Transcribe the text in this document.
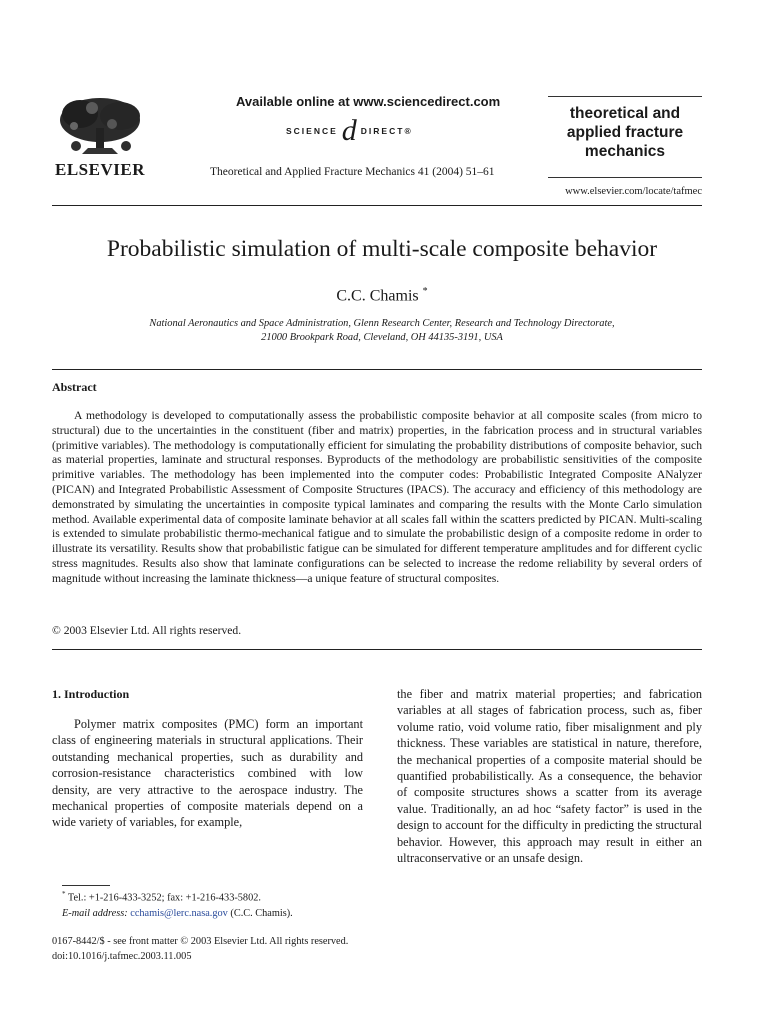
ELSEVIER
Available online at www.sciencedirect.com
SCIENCE d DIRECT ®
Theoretical and Applied Fracture Mechanics 41 (2004) 51–61
theoretical and
applied fracture
mechanics
www.elsevier.com/locate/tafmec
Probabilistic simulation of multi-scale composite behavior
C.C. Chamis *
National Aeronautics and Space Administration, Glenn Research Center, Research and Technology Directorate,
21000 Brookpark Road, Cleveland, OH 44135-3191, USA
Abstract

A methodology is developed to computationally assess the probabilistic composite behavior at all composite scales (from micro to structural) due to the uncertainties in the constituent (fiber and matrix) properties, in the fabrication process and in structural variables (primitive variables). The methodology is computationally efficient for simulating the probability distributions of composite behavior, such as material properties, laminate and structural responses. Byproducts of the methodology are probabilistic sensitivities of the composite primitive variables. The methodology has been implemented into the computer codes: Probabilistic Integrated Composite ANalyzer (PICAN) and Integrated Probabilistic Assessment of Composite Structures (IPACS). The accuracy and efficiency of this methodology are demonstrated by simulating the uncertainties in composite typical laminates and comparing the results with the Monte Carlo simulation method. Available experimental data of composite laminate behavior at all scales fall within the scatters predicted by PICAN. Multi-scaling is extended to simulate probabilistic thermo-mechanical fatigue and to simulate the probabilistic design of a composite redome in order to illustrate its versatility. Results show that probabilistic fatigue can be simulated for different temperature amplitudes and for different cyclic stress magnitudes. Results also show that laminate configurations can be selected to increase the redome reliability by several orders of magnitude without increasing the laminate thickness—a unique feature of structural composites.

© 2003 Elsevier Ltd. All rights reserved.
1. Introduction

Polymer matrix composites (PMC) form an important class of engineering materials in structural applications. Their outstanding mechanical properties, such as durability and corrosion-resistance characteristics combined with low density, are very attractive to the aerospace industry. The mechanical properties of composite materials depend on a wide variety of variables, for example,

the fiber and matrix material properties; and fabrication variables at all stages of fabrication process, such as, fiber volume ratio, void volume ratio, fiber misalignment and ply thickness. These variables are statistical in nature, therefore, the mechanical properties of a composite material should be quantified probabilistically. As a consequence, the behavior of composite structures shows a scatter from its average value. Traditionally, an ad hoc “safety factor” is used in the design to account for the difficulty in predicting the structural behavior. However, this approach may result in either an ultraconservative or an unsafe design.

* Tel.: +1-216-433-3252; fax: +1-216-433-5802.
E-mail address: cchamis@lerc.nasa.gov (C.C. Chamis).
0167-8442/$ - see front matter © 2003 Elsevier Ltd. All rights reserved.
doi:10.1016/j.tafmec.2003.11.005
